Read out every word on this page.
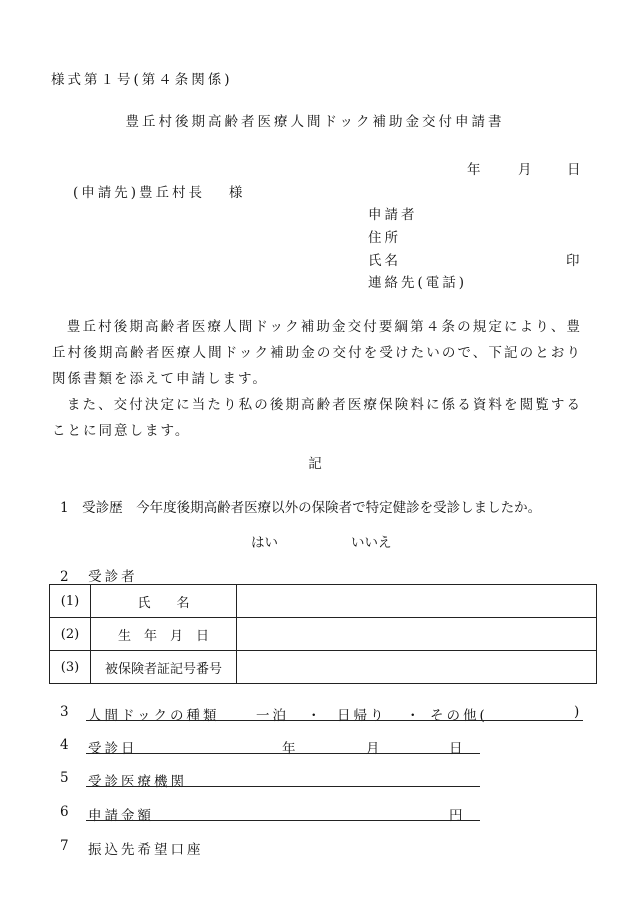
様式第１号(第４条関係)
豊丘村後期高齢者医療人間ドック補助金交付申請書
年	月	日
(申請先)豊丘村長　 様
申請者
住所
氏名	印
連絡先(電話)

豊丘村後期高齢者医療人間ドック補助金交付要綱第４条の規定により、豊丘村後期高齢者医療人間ドック補助金の交付を受けたいので、下記のとおり関係書類を添えて申請します。

また、交付決定に当たり私の後期高齢者医療保険料に係る資料を閲覧することに同意します。

記
1　受診歴　今年度後期高齢者医療以外の保険者で特定健診を受診しましたか。
はい	いいえ
2　受診者
(1)	氏　　名	
(2)	生　年　月　日	
(3)	被保険者証記号番号	
3 人間ドックの種類	一泊 ・ 日帰り ・ その他(	)
4 受診日	年	月	日
5 受診医療機関
6 申請金額	円
7 振込先希望口座
